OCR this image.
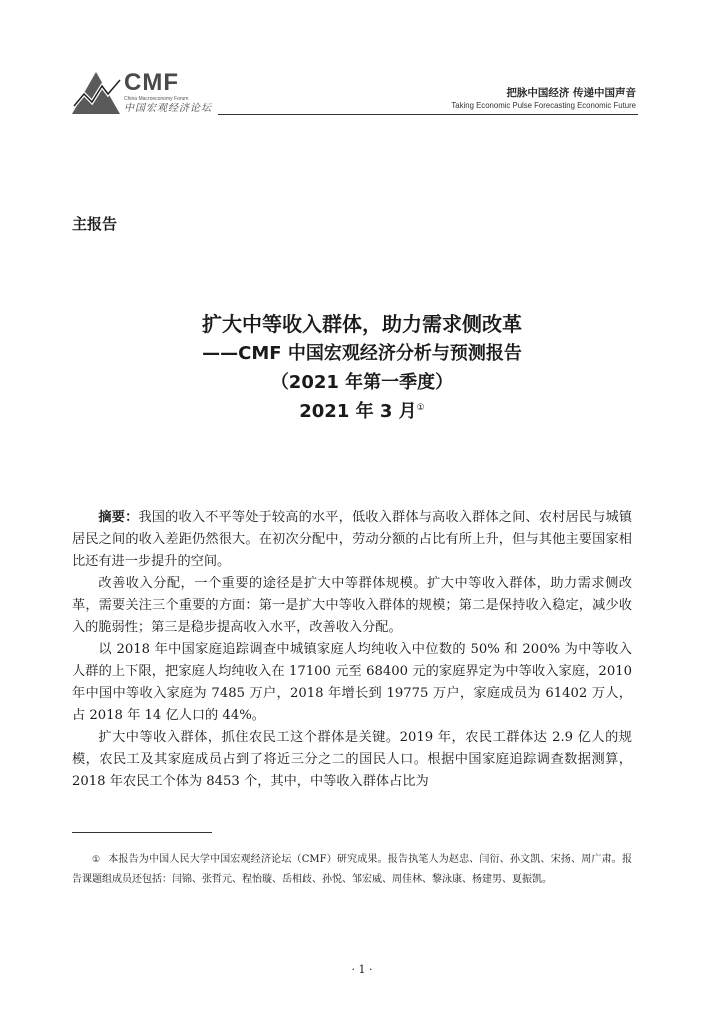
CMF
China Macroeconomy Forum
中国宏观经济论坛
把脉中国经济 传递中国声音
Taking Economic Pulse Forecasting Economic Future
主报告
扩大中等收入群体，助力需求侧改革
——CMF 中国宏观经济分析与预测报告
（2021 年第一季度）
2021 年 3 月①

摘要：我国的收入不平等处于较高的水平，低收入群体与高收入群体之间、农村居民与城镇居民之间的收入差距仍然很大。在初次分配中，劳动分额的占比有所上升，但与其他主要国家相比还有进一步提升的空间。

改善收入分配，一个重要的途径是扩大中等群体规模。扩大中等收入群体，助力需求侧改革，需要关注三个重要的方面：第一是扩大中等收入群体的规模；第二是保持收入稳定，减少收入的脆弱性；第三是稳步提高收入水平，改善收入分配。

以 2018 年中国家庭追踪调查中城镇家庭人均纯收入中位数的 50% 和 200% 为中等收入人群的上下限，把家庭人均纯收入在 17100 元至 68400 元的家庭界定为中等收入家庭，2010 年中国中等收入家庭为 7485 万户，2018 年增长到 19775 万户，家庭成员为 61402 万人，占 2018 年 14 亿人口的 44%。

扩大中等收入群体，抓住农民工这个群体是关键。2019 年，农民工群体达 2.9 亿人的规模，农民工及其家庭成员占到了将近三分之二的国民人口。根据中国家庭追踪调查数据测算，2018 年农民工个体为 8453 个，其中，中等收入群体占比为

① 本报告为中国人民大学中国宏观经济论坛（CMF）研究成果。报告执笔人为赵忠、闫衍、孙文凯、宋扬、周广肃。报告课题组成员还包括：闫锦、张哲元、程怡璇、岳相歧、孙悦、邹宏威、周佳林、黎泳康、杨建男、夏振凯。

· 1 ·
